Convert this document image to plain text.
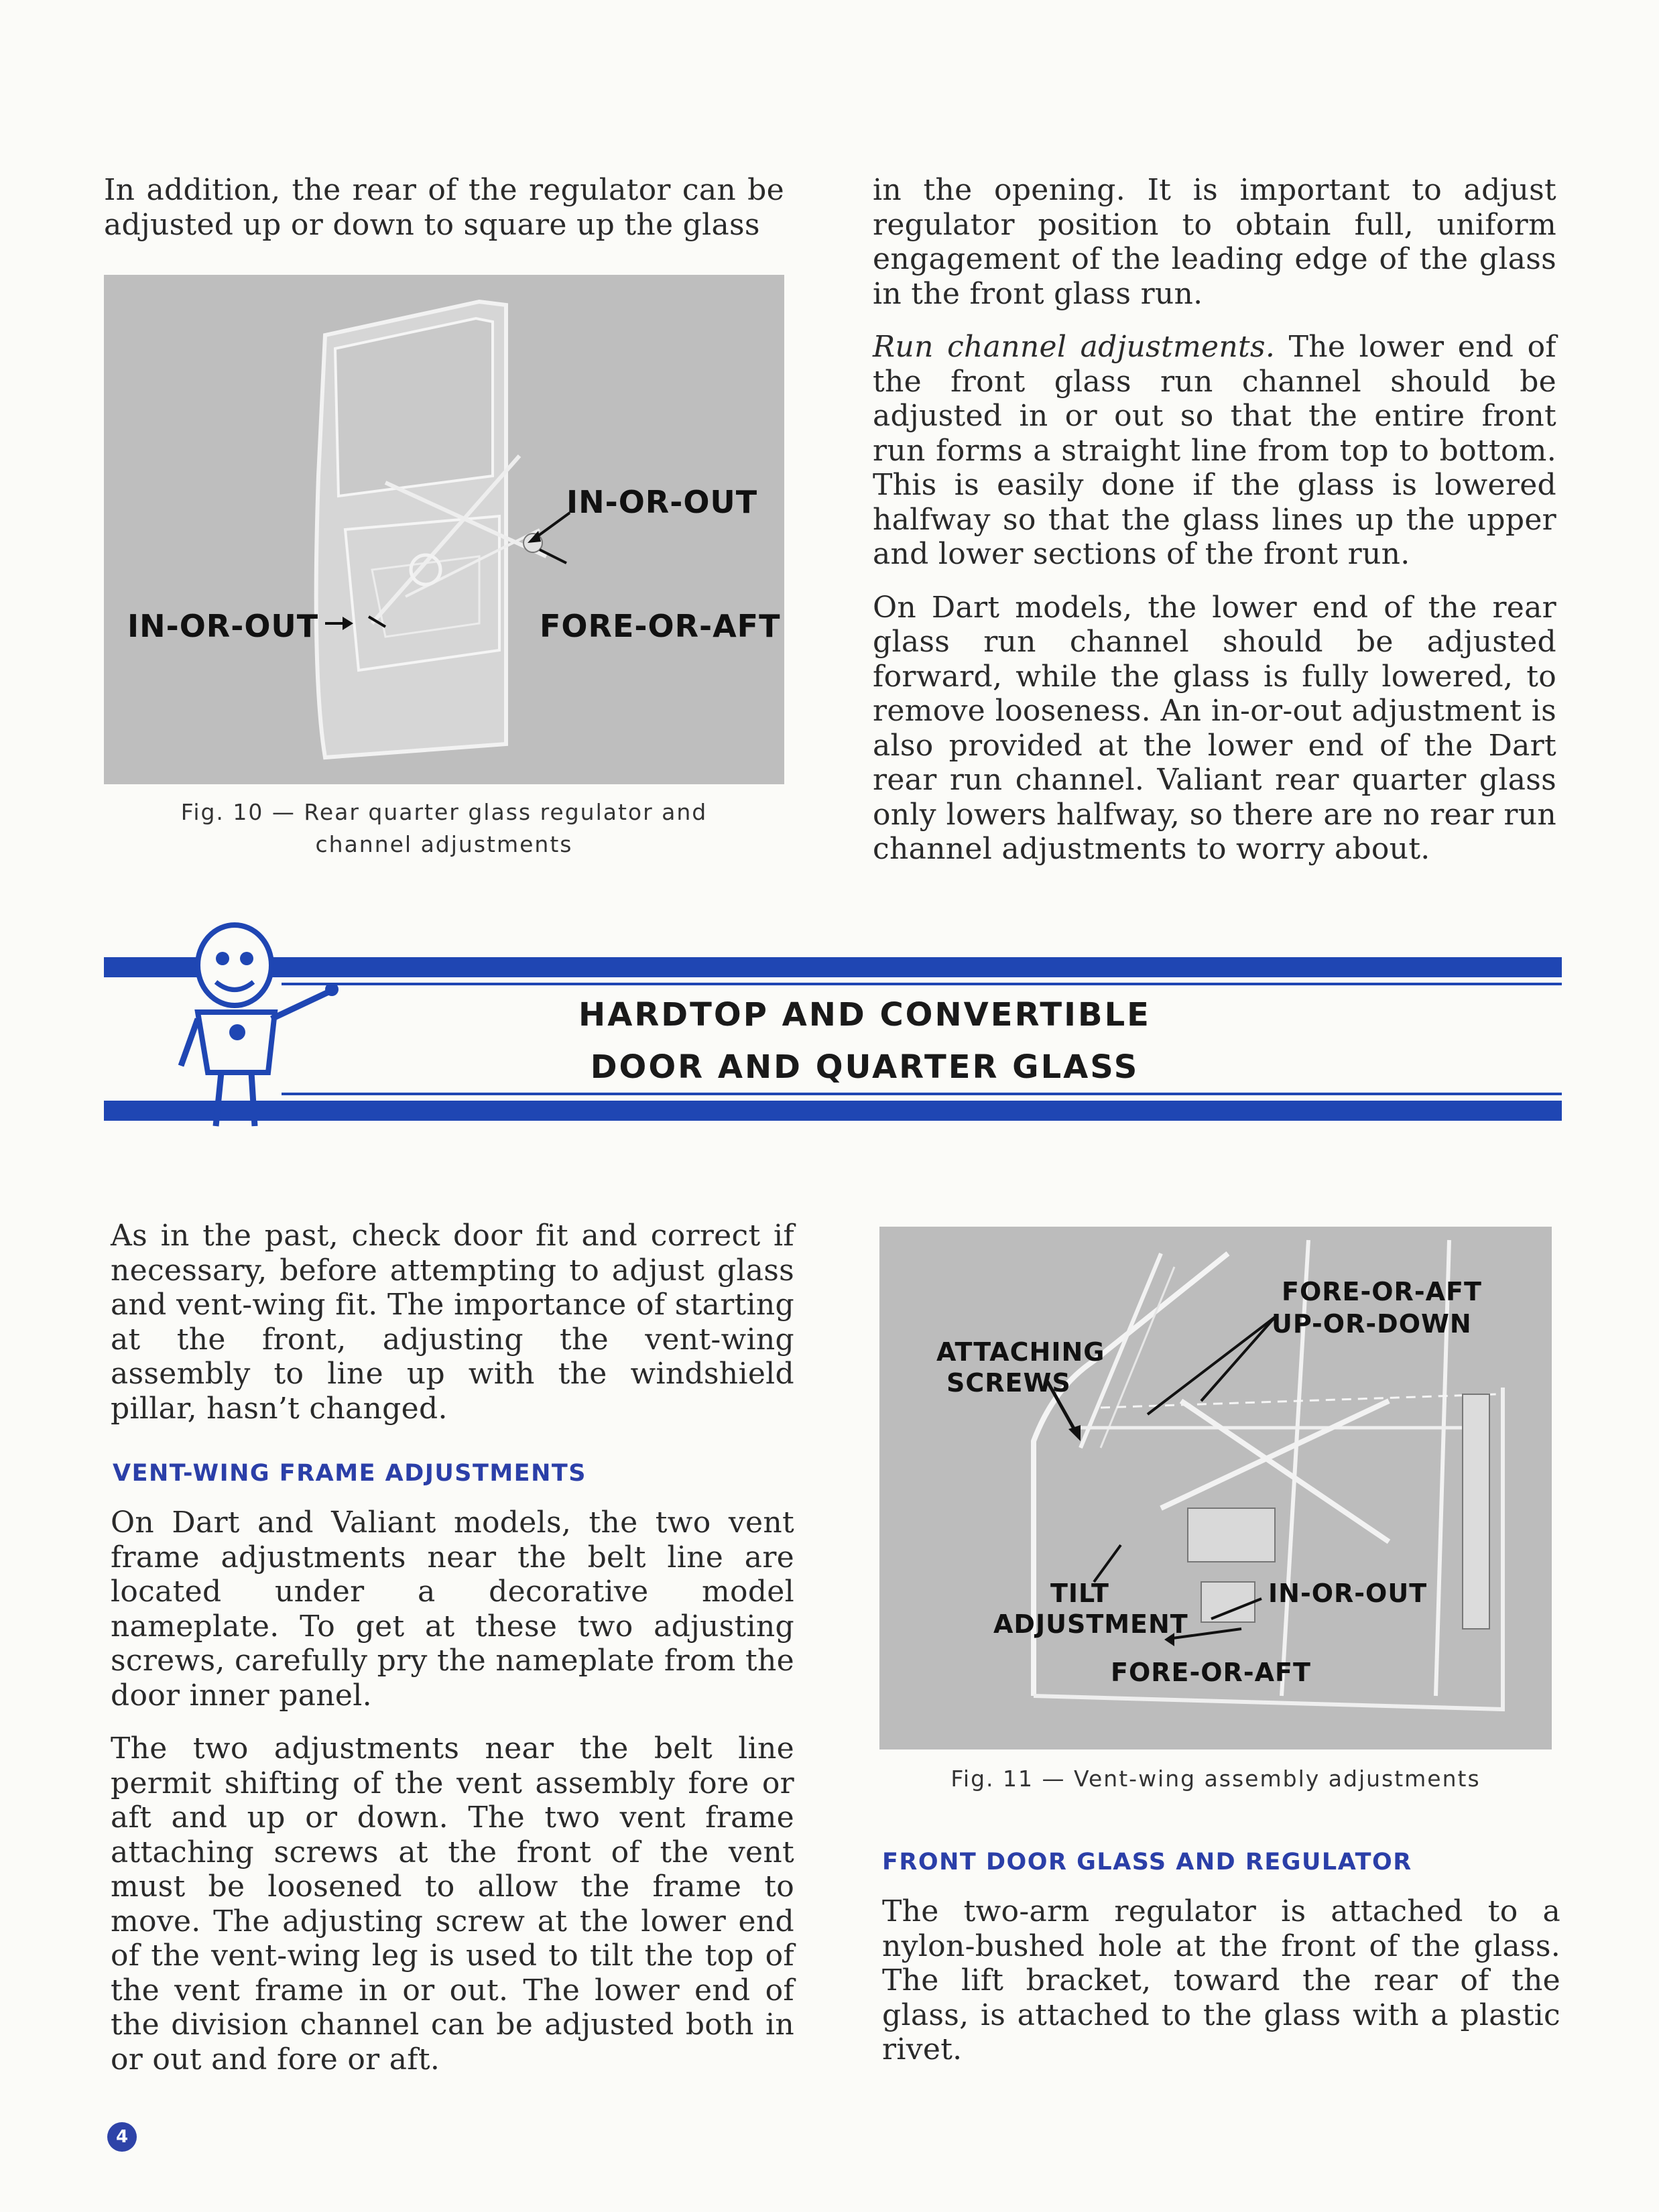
In addition, the rear of the regulator can be adjusted up or down to square up the glass

IN-OR-OUT
IN-OR-OUT	FORE-OR-AFT
Fig. 10 — Rear quarter glass regulator and
channel adjustments

in the opening. It is important to adjust regulator position to obtain full, uniform engagement of the leading edge of the glass in the front glass run.

Run channel adjustments. The lower end of the front glass run channel should be adjusted in or out so that the entire front run forms a straight line from top to bottom. This is easily done if the glass is lowered halfway so that the glass lines up the upper and lower sections of the front run.

On Dart models, the lower end of the rear glass run channel should be adjusted forward, while the glass is fully lowered, to remove looseness. An in-or-out adjustment is also provided at the lower end of the Dart rear run channel. Valiant rear quarter glass only lowers halfway, so there are no rear run channel adjustments to worry about.

HARDTOP AND CONVERTIBLE
DOOR AND QUARTER GLASS

As in the past, check door fit and correct if necessary, before attempting to adjust glass and vent-wing fit. The importance of starting at the front, adjusting the vent-wing assembly to line up with the windshield pillar, hasn’t changed.

VENT-WING FRAME ADJUSTMENTS

On Dart and Valiant models, the two vent frame adjustments near the belt line are located under a decorative model nameplate. To get at these two adjusting screws, carefully pry the nameplate from the door inner panel.

The two adjustments near the belt line permit shifting of the vent assembly fore or aft and up or down. The two vent frame attaching screws at the front of the vent must be loosened to allow the frame to move. The adjusting screw at the lower end of the vent-wing leg is used to tilt the top of the vent frame in or out. The lower end of the division channel can be adjusted both in or out and fore or aft.

FORE-OR-AFT
UP-OR-DOWN
ATTACHING
SCREWS
TILT
ADJUSTMENT
IN-OR-OUT
FORE-OR-AFT
Fig. 11 — Vent-wing assembly adjustments
FRONT DOOR GLASS AND REGULATOR

The two-arm regulator is attached to a nylon-bushed hole at the front of the glass. The lift bracket, toward the rear of the glass, is attached to the glass with a plastic rivet.

4
